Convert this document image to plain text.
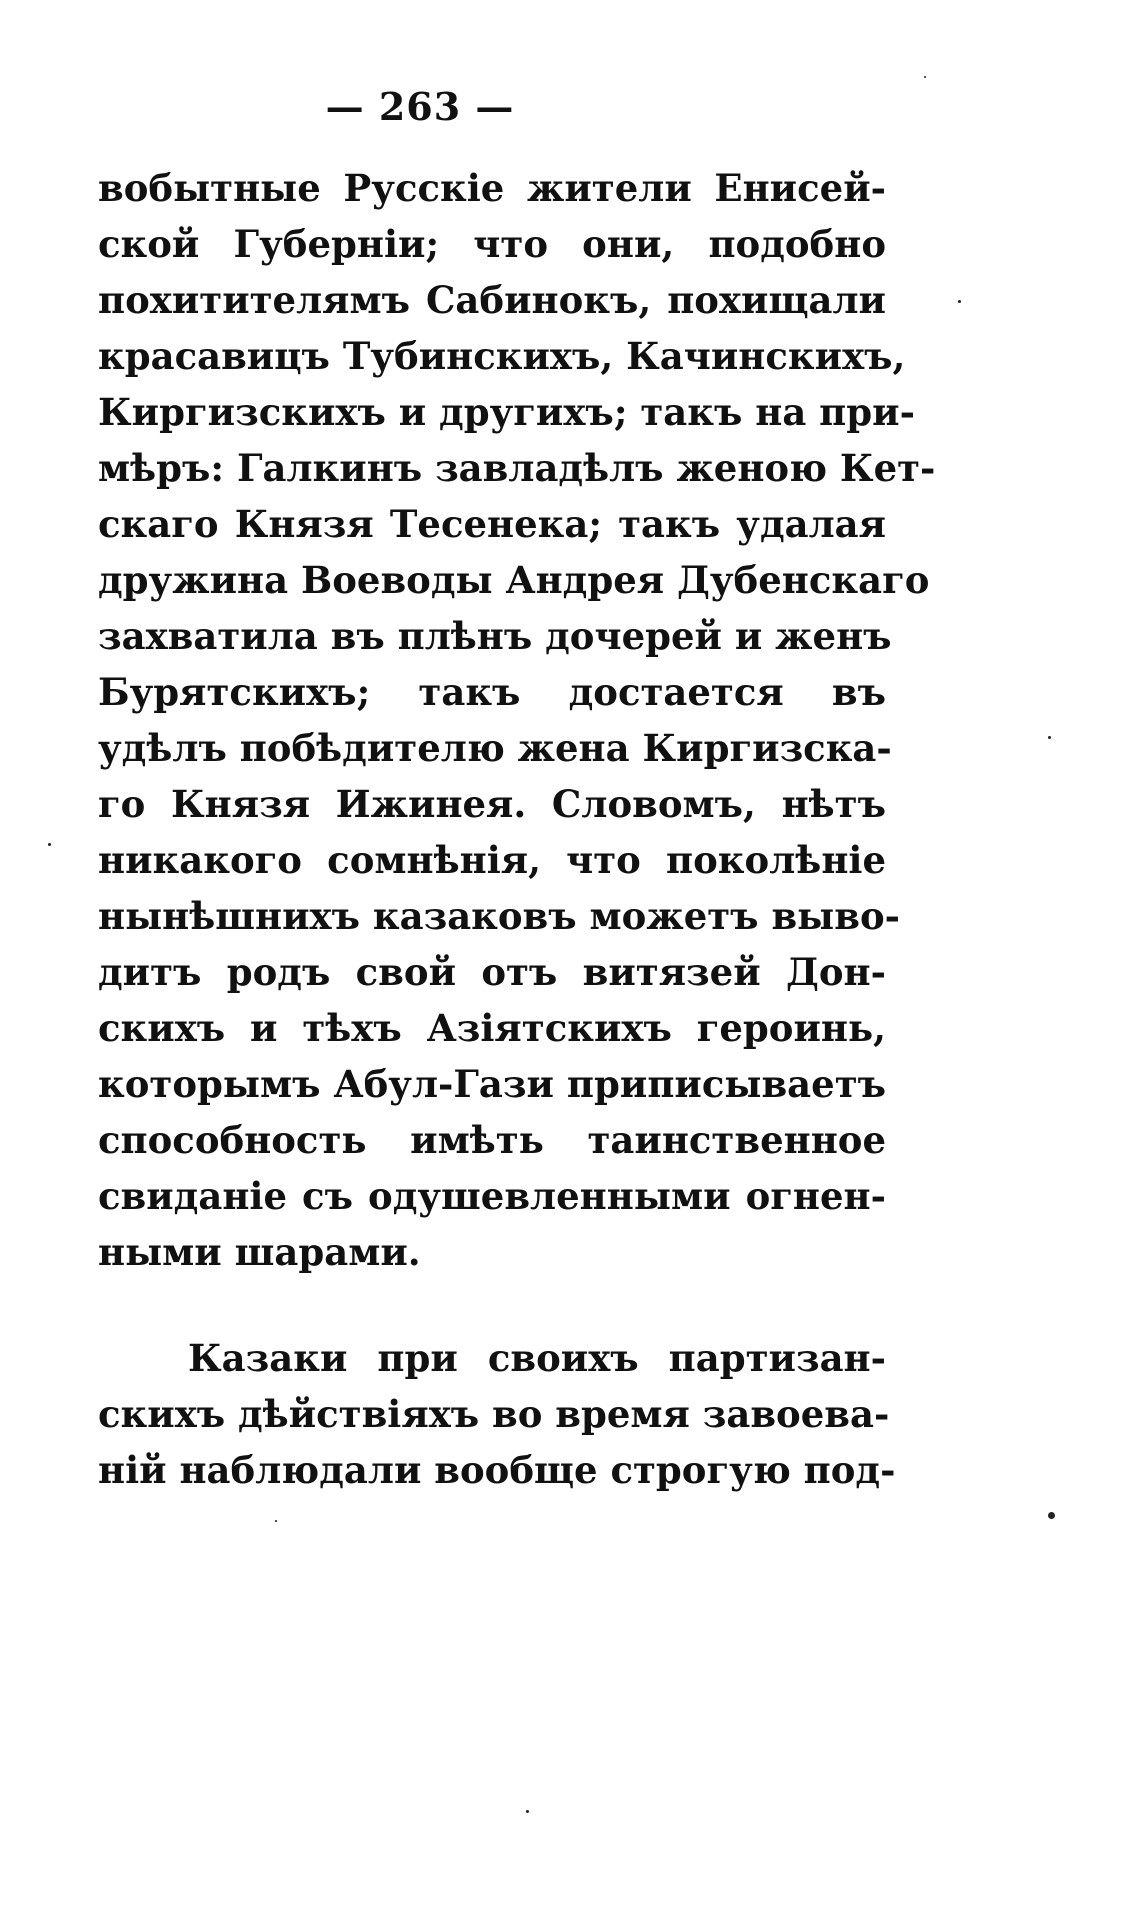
— 263 —
вобытные Русскіе жители Енисей-
ской Губерніи; что они, подобно
похитителямъ Сабинокъ, похищали
красавицъ Тубинскихъ, Качинскихъ,
Киргизскихъ и другихъ; такъ на при-
мѣръ: Галкинъ завладѣлъ женою Кет-
скаго Князя Тесенека; такъ удалая
дружина Воеводы Андрея Дубенскаго
захватила въ плѣнъ дочерей и женъ
Бурятскихъ; такъ достается въ
удѣлъ побѣдителю жена Киргизска-
го Князя Ижинея. Словомъ, нѣтъ
никакого сомнѣнія, что поколѣніе
нынѣшнихъ казаковъ можетъ выво-
дитъ родъ свой отъ витязей Дон-
скихъ и тѣхъ Азіятскихъ героинь,
которымъ Абул-Гази приписываетъ
способность имѣть таинственное
свиданіе съ одушевленными огнен-
ными шарами.
Казаки при своихъ партизан-
скихъ дѣйствіяхъ во время завоева-
ній наблюдали вообще строгую под-
